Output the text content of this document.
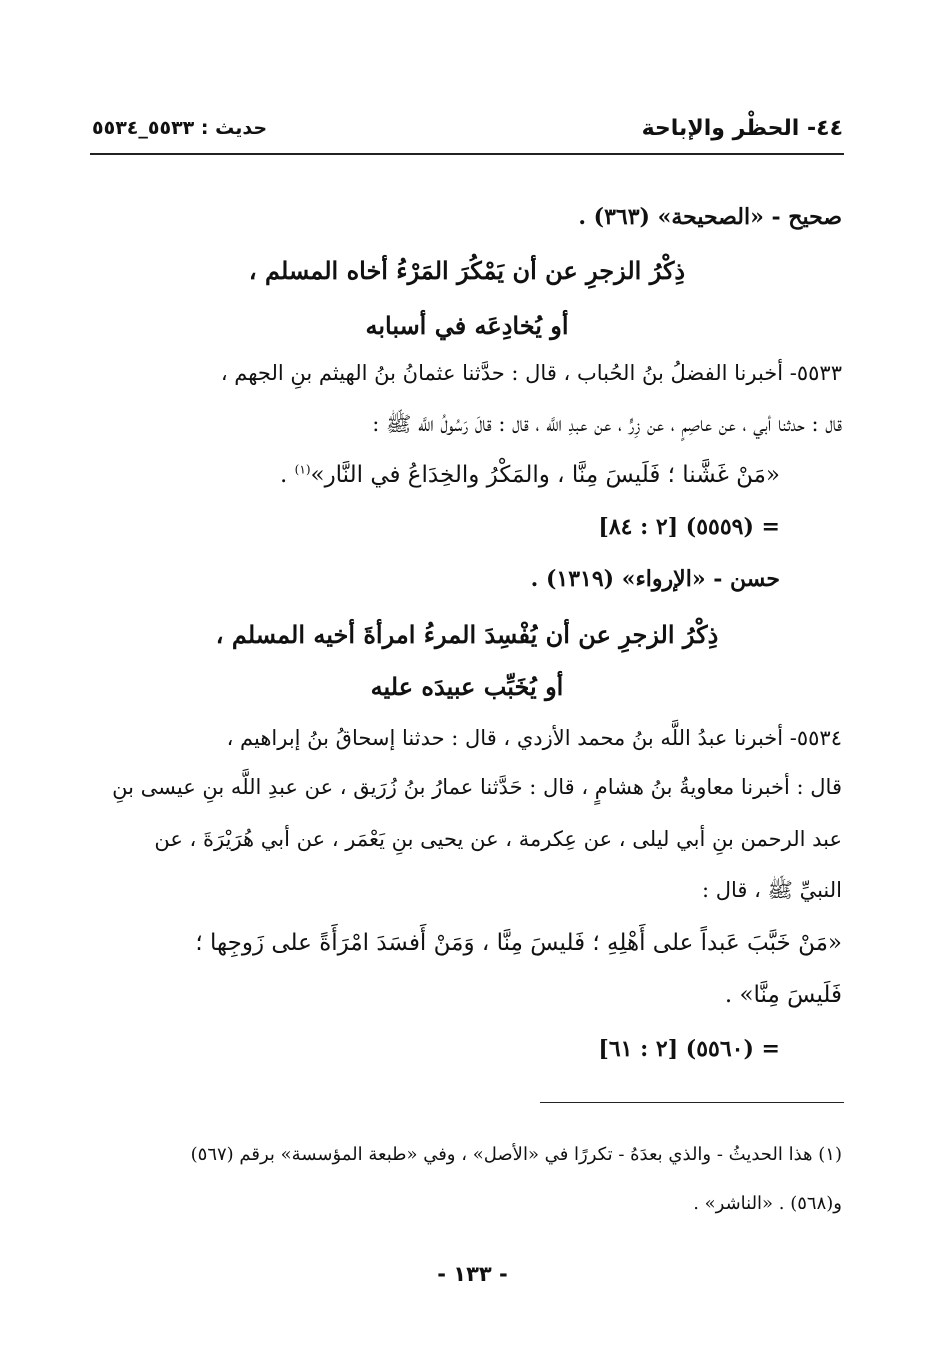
٤٤- الحظْر والإباحة
حديث : ٥٥٣٣_٥٥٣٤
صحيح - «الصحيحة» (٣٦٣) .
ذِكْرُ الزجرِ عن أن يَمْكُرَ المَرْءُ أخاه المسلم ،
أو يُخادِعَه في أسبابه
٥٥٣٣- أخبرنا الفضلُ بنُ الحُباب ، قال : حدَّثنا عثمانُ بنُ الهيثم بنِ الجهم ،
قال : حدثنا أبي ، عن عاصِمٍ ، عن زِرٍّ ، عن عبدِ اللَّه ، قال : قالَ رَسُولُ اللَّه ﷺ :
«مَنْ غَشَّنا ؛ فَلَيسَ مِنَّا ، والمَكْرُ والخِدَاعُ في النَّار»$^{(١)}$ .
= (٥٥٥٩) [٢ : ٨٤]
حسن - «الإرواء» (١٣١٩) .
ذِكْرُ الزجرِ عن أن يُفْسِدَ المرءُ امرأةَ أخيه المسلم ،
أو يُخَبِّب عبيدَه عليه
٥٥٣٤- أخبرنا عبدُ اللَّه بنُ محمد الأزدي ، قال : حدثنا إسحاقُ بنُ إبراهيم ،
قال : أخبرنا معاويةُ بنُ هشامٍ ، قال : حَدَّثنا عمارُ بنُ زُرَيق ، عن عبدِ اللَّه بنِ عيسى بنِ
عبد الرحمن بنِ أبي ليلى ، عن عِكرمة ، عن يحيى بنِ يَعْمَر ، عن أبي هُرَيْرَةَ ، عن
النبيِّ ﷺ ، قال :
«مَنْ خَبَّبَ عَبداً على أَهْلِهِ ؛ فَليسَ مِنَّا ، وَمَنْ أَفسَدَ امْرَأَةً على زَوجِها ؛
فَلَيسَ مِنَّا» .
= (٥٥٦٠) [٢ : ٦١]
(١) هذا الحديثُ - والذي بعدَهُ - تكررًا في «الأصل» ، وفي «طبعة المؤسسة» برقم (٥٦٧)
و(٥٦٨) . «الناشر» .
- ١٣٣ -
